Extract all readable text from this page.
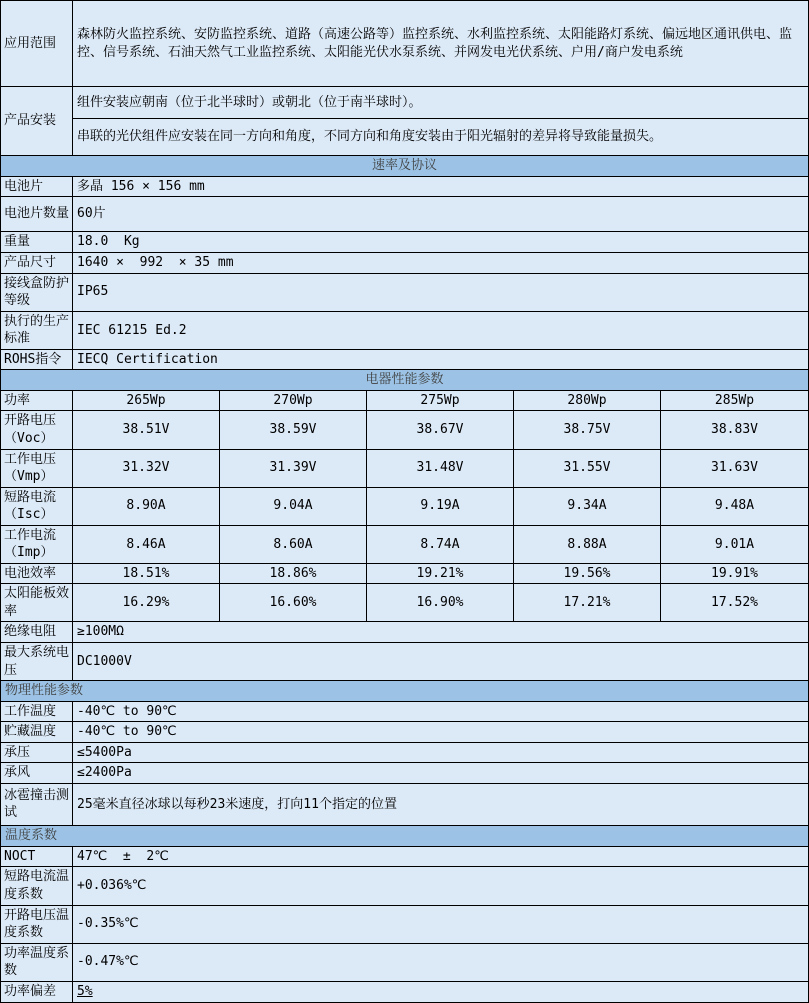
应用范围	森林防火监控系统、安防监控系统、道路（高速公路等）监控系统、水利监控系统、太阳能路灯系统、偏远地区通讯供电、监控、信号系统、石油天然气工业监控系统、太阳能光伏水泵系统、并网发电光伏系统、户用/商户发电系统				
产品安装	组件安装应朝南（位于北半球时）或朝北（位于南半球时）。				
	串联的光伏组件应安装在同一方向和角度，不同方向和角度安装由于阳光辐射的差异将导致能量损失。				
速率及协议					
电池片	多晶 156 × 156 mm				
电池片数量	60片				
重量	18.0  Kg				
产品尺寸	1640 ×  992  × 35 mm				
接线盒防护等级	IP65				
执行的生产标准	IEC 61215 Ed.2				
ROHS指令	IECQ Certification				
电器性能参数					
功率	265Wp	270Wp	275Wp	280Wp	285Wp
开路电压（Voc）	38.51V	38.59V	38.67V	38.75V	38.83V
工作电压（Vmp）	31.32V	31.39V	31.48V	31.55V	31.63V
短路电流（Isc）	8.90A	9.04A	9.19A	9.34A	9.48A
工作电流（Imp）	8.46A	8.60A	8.74A	8.88A	9.01A
电池效率	18.51%	18.86%	19.21%	19.56%	19.91%
太阳能板效率	16.29%	16.60%	16.90%	17.21%	17.52%
绝缘电阻	≥100MΩ				
最大系统电压	DC1000V				
物理性能参数					
工作温度	-40℃ to 90℃				
贮藏温度	-40℃ to 90℃				
承压	≤5400Pa				
承风	≤2400Pa				
冰雹撞击测试	25毫米直径冰球以每秒23米速度，打向11个指定的位置				
温度系数					
NOCT	47℃  ±  2℃				
短路电流温度系数	+0.036%℃				
开路电压温度系数	-0.35%℃				
功率温度系数	-0.47%℃				
功率偏差	5%				
